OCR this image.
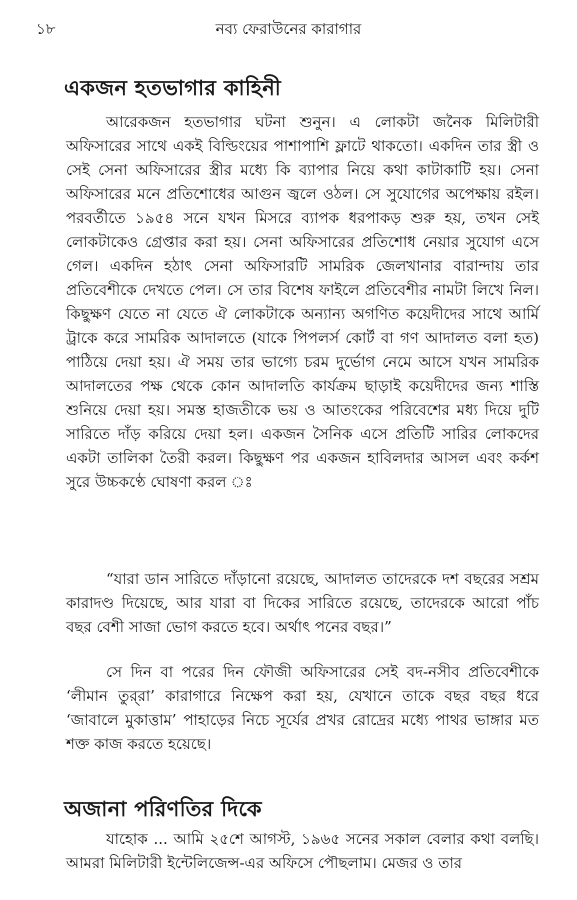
১৮	নব্য ফেরাউনের কারাগার
একজন হতভাগার কাহিনী

আরেকজন হতভাগার ঘটনা শুনুন। এ লোকটা জনৈক মিলিটারী অফিসারের সাথে একই বিল্ডিংয়ের পাশাপাশি ফ্লাটে থাকতো। একদিন তার স্ত্রী ও সেই সেনা অফিসারের স্ত্রীর মধ্যে কি ব্যাপার নিয়ে কথা কাটাকাটি হয়। সেনা অফিসারের মনে প্রতিশোধের আগুন জ্বলে ওঠল। সে সুযোগের অপেক্ষায় রইল। পরবর্তীতে ১৯৫৪ সনে যখন মিসরে ব্যাপক ধরপাকড় শুরু হয়, তখন সেই লোকটাকেও গ্রেপ্তার করা হয়। সেনা অফিসারের প্রতিশোধ নেয়ার সুযোগ এসে গেল। একদিন হঠাৎ সেনা অফিসারটি সামরিক জেলখানার বারান্দায় তার প্রতিবেশীকে দেখতে পেল। সে তার বিশেষ ফাইলে প্রতিবেশীর নামটা লিখে নিল। কিছুক্ষণ যেতে না যেতে ঐ লোকটাকে অন্যান্য অগণিত কয়েদীদের সাথে আর্মি ট্রাকে করে সামরিক আদালতে (যাকে পিপলর্স কোর্ট বা গণ আদালত বলা হত) পাঠিয়ে দেয়া হয়। ঐ সময় তার ভাগ্যে চরম দুর্ভোগ নেমে আসে যখন সামরিক আদালতের পক্ষ থেকে কোন আদালতি কার্যক্রম ছাড়াই কয়েদীদের জন্য শাস্তি শুনিয়ে দেয়া হয়। সমস্ত হাজতীকে ভয় ও আতংকের পরিবেশের মধ্য দিয়ে দুটি সারিতে দাঁড় করিয়ে দেয়া হল। একজন সৈনিক এসে প্রতিটি সারির লোকদের একটা তালিকা তৈরী করল। কিছুক্ষণ পর একজন হাবিলদার আসল এবং কর্কশ সুরে উচ্চকণ্ঠে ঘোষণা করল ঃ

“যারা ডান সারিতে দাঁড়ানো রয়েছে, আদালত তাদেরকে দশ বছরের সশ্রম কারাদণ্ড দিয়েছে, আর যারা বা দিকের সারিতে রয়েছে, তাদেরকে আরো পাঁচ বছর বেশী সাজা ভোগ করতে হবে। অর্থাৎ পনের বছর।”

সে দিন বা পরের দিন ফৌজী অফিসারের সেই বদ-নসীব প্রতিবেশীকে ‘লীমান তুর্‌রা’ কারাগারে নিক্ষেপ করা হয়, যেখানে তাকে বছর বছর ধরে ‘জাবালে মুকাত্তাম’ পাহাড়ের নিচে সূর্যের প্রখর রোদ্রের মধ্যে পাথর ভাঙ্গার মত শক্ত কাজ করতে হয়েছে।

অজানা পরিণতির দিকে

যাহোক ... আমি ২৫শে আগস্ট, ১৯৬৫ সনের সকাল বেলার কথা বলছি। আমরা মিলিটারী ইন্টেলিজেন্স-এর অফিসে পৌছলাম। মেজর ও তার
